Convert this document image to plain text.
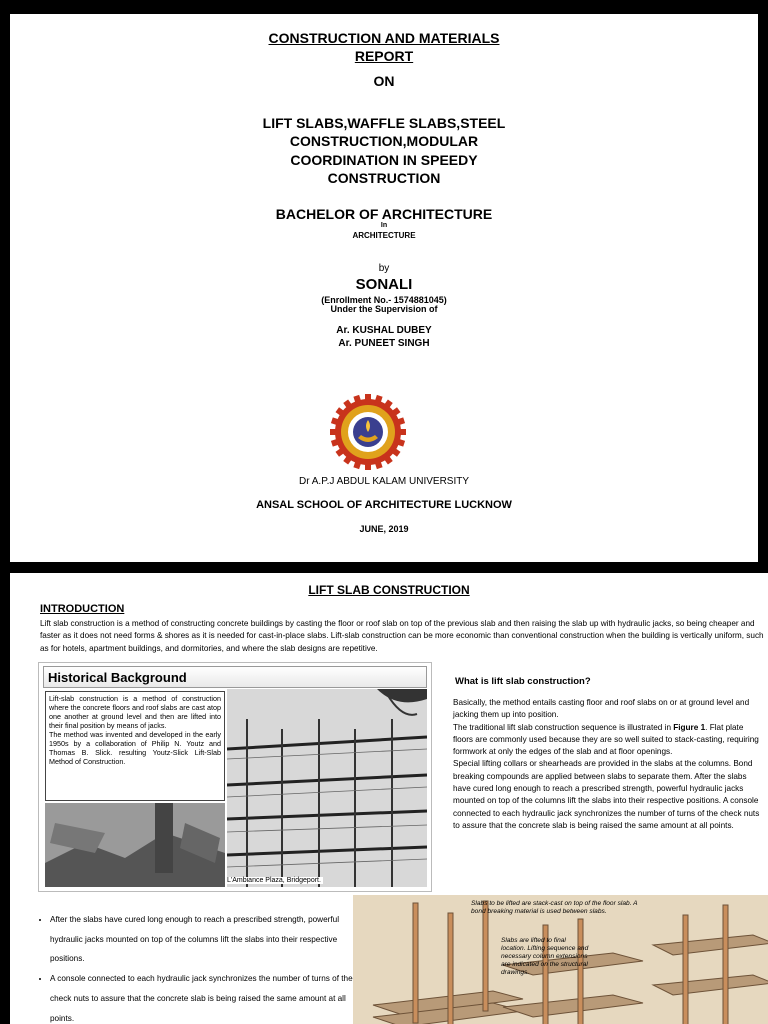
CONSTRUCTION AND MATERIALS
REPORT
ON
LIFT SLABS,WAFFLE SLABS,STEEL
CONSTRUCTION,MODULAR
COORDINATION IN SPEEDY
CONSTRUCTION
BACHELOR OF ARCHITECTURE
In
ARCHITECTURE
by
SONALI
(Enrollment No.- 1574881045)
Under the Supervision of
Ar. KUSHAL DUBEY
Ar. PUNEET SINGH
Dr A.P.J ABDUL KALAM UNIVERSITY
ANSAL SCHOOL OF ARCHITECTURE LUCKNOW
JUNE, 2019
LIFT SLAB CONSTRUCTION
INTRODUCTION
Lift slab construction is a method of constructing concrete buildings by casting the floor or roof slab on top of the previous slab and then raising the slab up with hydraulic jacks, so being cheaper and faster as it does not need forms & shores as it is needed for cast-in-place slabs. Lift-slab construction can be more economic than conventional construction when the building is vertically uniform, such as for hotels, apartment buildings, and dormitories, and where the slab designs are repetitive.
Historical Background
Lift-slab construction is a method of construction where the concrete floors and roof slabs are cast atop one another at ground level and then are lifted into their final position by means of jacks.
The method was invented and developed in the early 1950s by a collaboration of Philip N. Youtz and Thomas B. Slick. resulting Youtz-Slick Lift-Slab Method of Construction.
L'Ambiance Plaza, Bridgeport.
What is lift slab construction?
Basically, the method entails casting floor and roof slabs on or at ground level and jacking them up into position.
The traditional lift slab construction sequence is illustrated in Figure 1. Flat plate floors are commonly used because they are so well suited to stack-casting, requiring formwork at only the edges of the slab and at floor openings.
Special lifting collars or shearheads are provided in the slabs at the columns. Bond breaking compounds are applied between slabs to separate them. After the slabs have cured long enough to reach a prescribed strength, powerful hydraulic jacks mounted on top of the columns lift the slabs into their respective positions. A console connected to each hydraulic jack synchronizes the number of turns of the check nuts to assure that the concrete slab is being raised the same amount at all points.
• After the slabs have cured long enough to reach a prescribed strength, powerful hydraulic jacks mounted on top of the columns lift the slabs into their respective positions.
• A console connected to each hydraulic jack synchronizes the number of turns of the check nuts to assure that the concrete slab is being raised the same amount at all points.
Slabs to be lifted are stack-cast on top of the floor slab. A bond breaking material is used between slabs.
Slabs are lifted to final location. Lifting sequence and necessary column extensions are indicated on the structural drawings.
